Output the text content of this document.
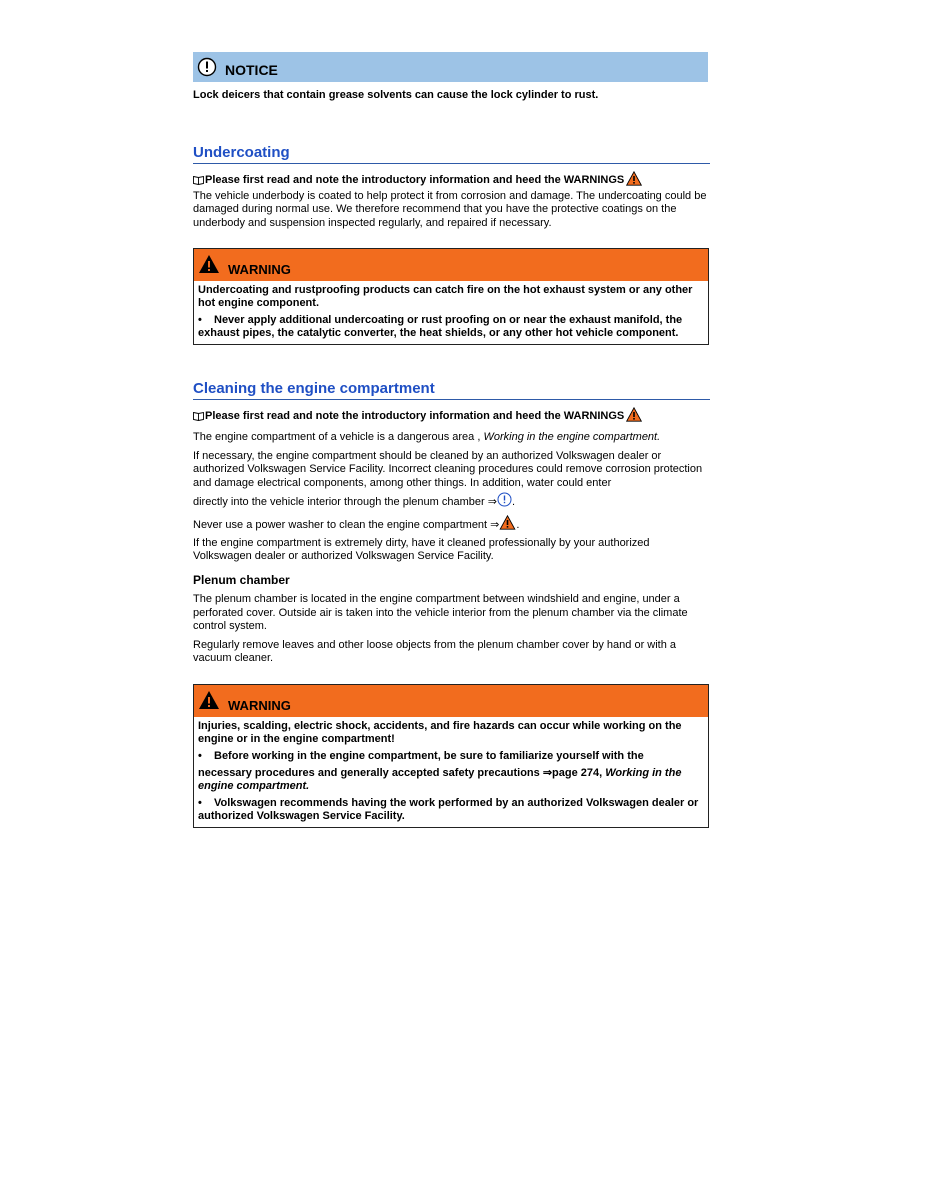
NOTICE
Lock deicers that contain grease solvents can cause the lock cylinder to rust.
Undercoating
Please first read and note the introductory information and heed the WARNINGS

The vehicle underbody is coated to help protect it from corrosion and damage. The undercoating could be damaged during normal use. We therefore recommend that you have the protective coatings on the underbody and suspension inspected regularly, and repaired if necessary.

WARNING
Undercoating and rustproofing products can catch fire on the hot exhaust system or any other hot engine component.
• Never apply additional undercoating or rust proofing on or near the exhaust manifold, the exhaust pipes, the catalytic converter, the heat shields, or any other hot vehicle component.
Cleaning the engine compartment
Please first read and note the introductory information and heed the WARNINGS

The engine compartment of a vehicle is a dangerous area , Working in the engine compartment.

If necessary, the engine compartment should be cleaned by an authorized Volkswagen dealer or authorized Volkswagen Service Facility. Incorrect cleaning procedures could remove corrosion protection and damage electrical components, among other things. In addition, water could enter

directly into the vehicle interior through the plenum chamber ⇒ .

Never use a power washer to clean the engine compartment ⇒ .

If the engine compartment is extremely dirty, have it cleaned professionally by your authorized Volkswagen dealer or authorized Volkswagen Service Facility.

Plenum chamber

The plenum chamber is located in the engine compartment between windshield and engine, under a perforated cover. Outside air is taken into the vehicle interior from the plenum chamber via the climate control system.

Regularly remove leaves and other loose objects from the plenum chamber cover by hand or with a vacuum cleaner.

WARNING
Injuries, scalding, electric shock, accidents, and fire hazards can occur while working on the engine or in the engine compartment!
• Before working in the engine compartment, be sure to familiarize yourself with the
necessary procedures and generally accepted safety precautions ⇒page 274, Working in the engine compartment.
• Volkswagen recommends having the work performed by an authorized Volkswagen dealer or authorized Volkswagen Service Facility.
